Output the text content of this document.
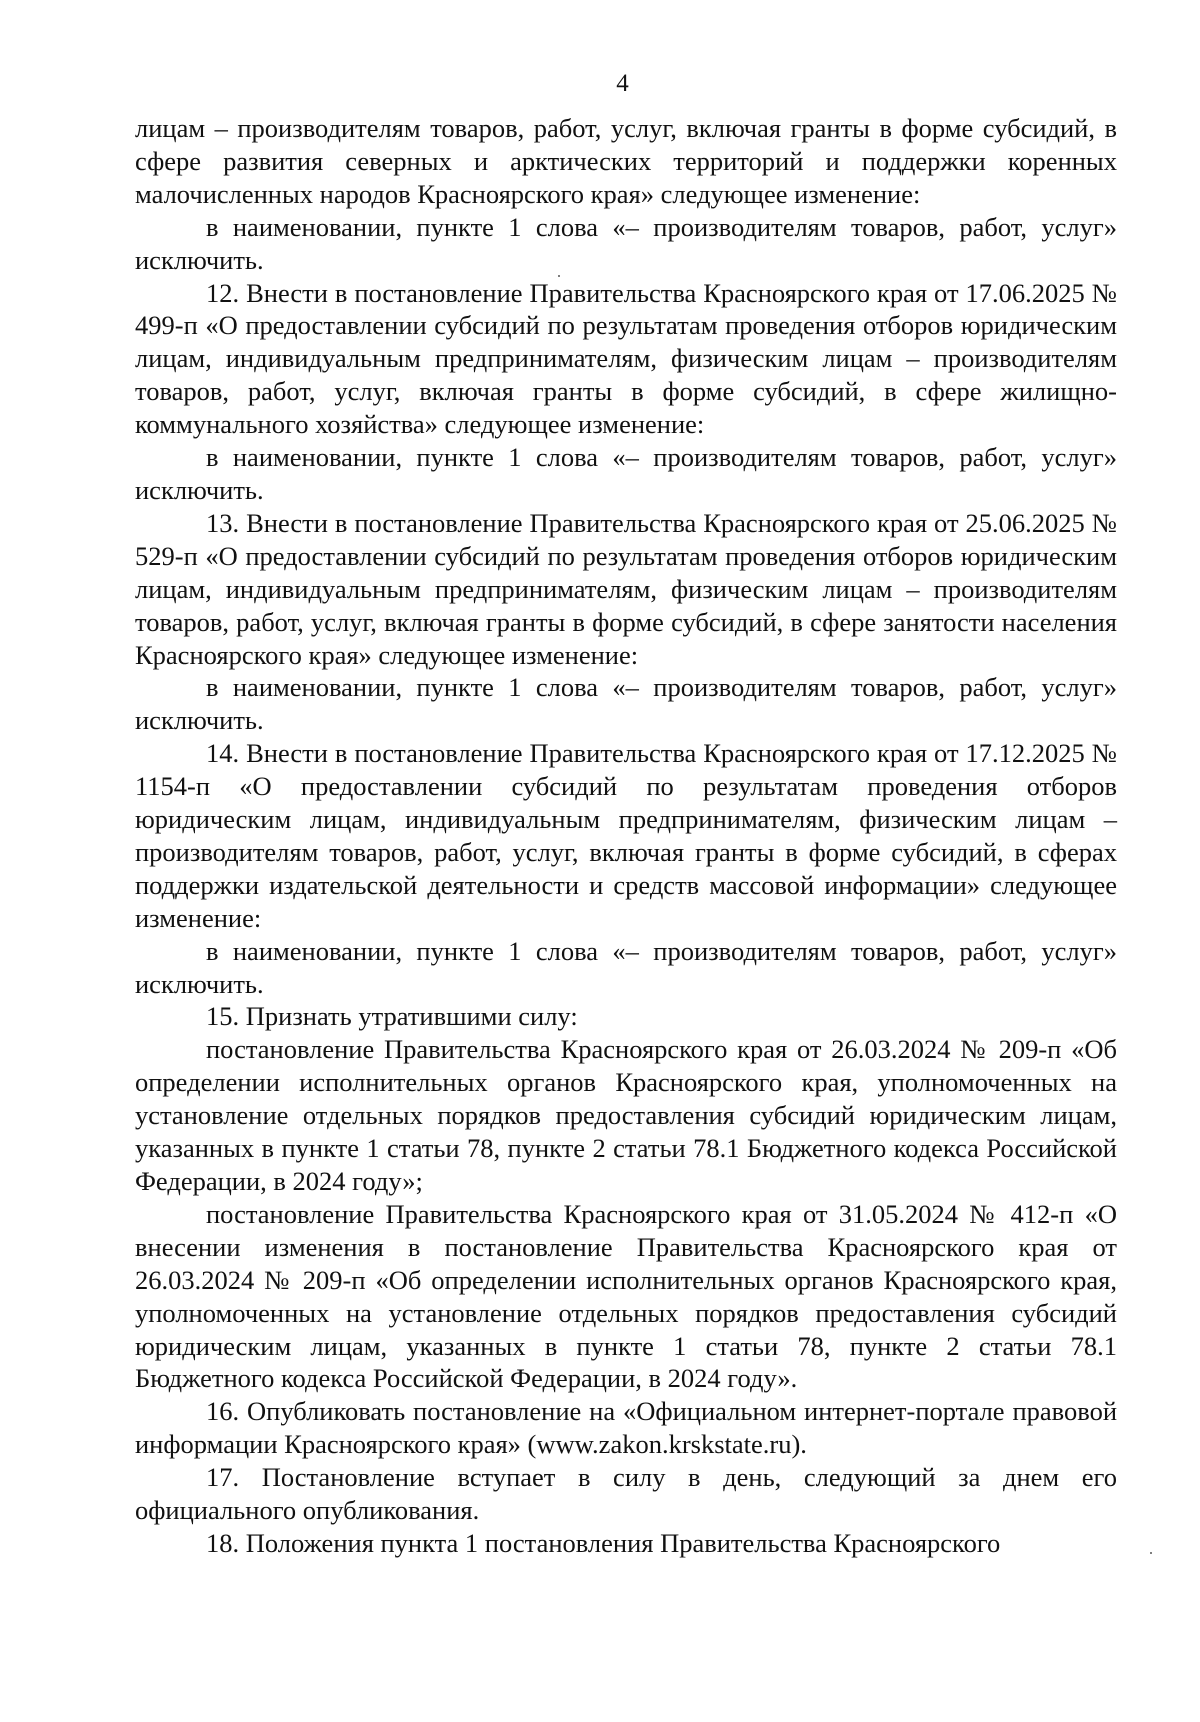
4

лицам – производителям товаров, работ, услуг, включая гранты в форме субсидий, в сфере развития северных и арктических территорий и поддержки коренных малочисленных народов Красноярского края» следующее изменение:

в наименовании, пункте 1 слова «– производителям товаров, работ, услуг» исключить.

12. Внести в постановление Правительства Красноярского края от 17.06.2025 № 499-п «О предоставлении субсидий по результатам проведения отборов юридическим лицам, индивидуальным предпринимателям, физическим лицам – производителям товаров, работ, услуг, включая гранты в форме субсидий, в сфере жилищно-коммунального хозяйства» следующее изменение:

в наименовании, пункте 1 слова «– производителям товаров, работ, услуг» исключить.

13. Внести в постановление Правительства Красноярского края от 25.06.2025 № 529-п «О предоставлении субсидий по результатам проведения отборов юридическим лицам, индивидуальным предпринимателям, физическим лицам – производителям товаров, работ, услуг, включая гранты в форме субсидий, в сфере занятости населения Красноярского края» следующее изменение:

в наименовании, пункте 1 слова «– производителям товаров, работ, услуг» исключить.

14. Внести в постановление Правительства Красноярского края от 17.12.2025 № 1154-п «О предоставлении субсидий по результатам проведения отборов юридическим лицам, индивидуальным предпринимателям, физическим лицам – производителям товаров, работ, услуг, включая гранты в форме субсидий, в сферах поддержки издательской деятельности и средств массовой информации» следующее изменение:

в наименовании, пункте 1 слова «– производителям товаров, работ, услуг» исключить.

15. Признать утратившими силу:

постановление Правительства Красноярского края от 26.03.2024 № 209-п «Об определении исполнительных органов Красноярского края, уполномоченных на установление отдельных порядков предоставления субсидий юридическим лицам, указанных в пункте 1 статьи 78, пункте 2 статьи 78.1 Бюджетного кодекса Российской Федерации, в 2024 году»;

постановление Правительства Красноярского края от 31.05.2024 № 412-п «О внесении изменения в постановление Правительства Красноярского края от 26.03.2024 № 209-п «Об определении исполнительных органов Красноярского края, уполномоченных на установление отдельных порядков предоставления субсидий юридическим лицам, указанных в пункте 1 статьи 78, пункте 2 статьи 78.1 Бюджетного кодекса Российской Федерации, в 2024 году».

16. Опубликовать постановление на «Официальном интернет-портале правовой информации Красноярского края» (www.zakon.krskstate.ru).

17. Постановление вступает в силу в день, следующий за днем его официального опубликования.

18. Положения пункта 1 постановления Правительства Красноярского
